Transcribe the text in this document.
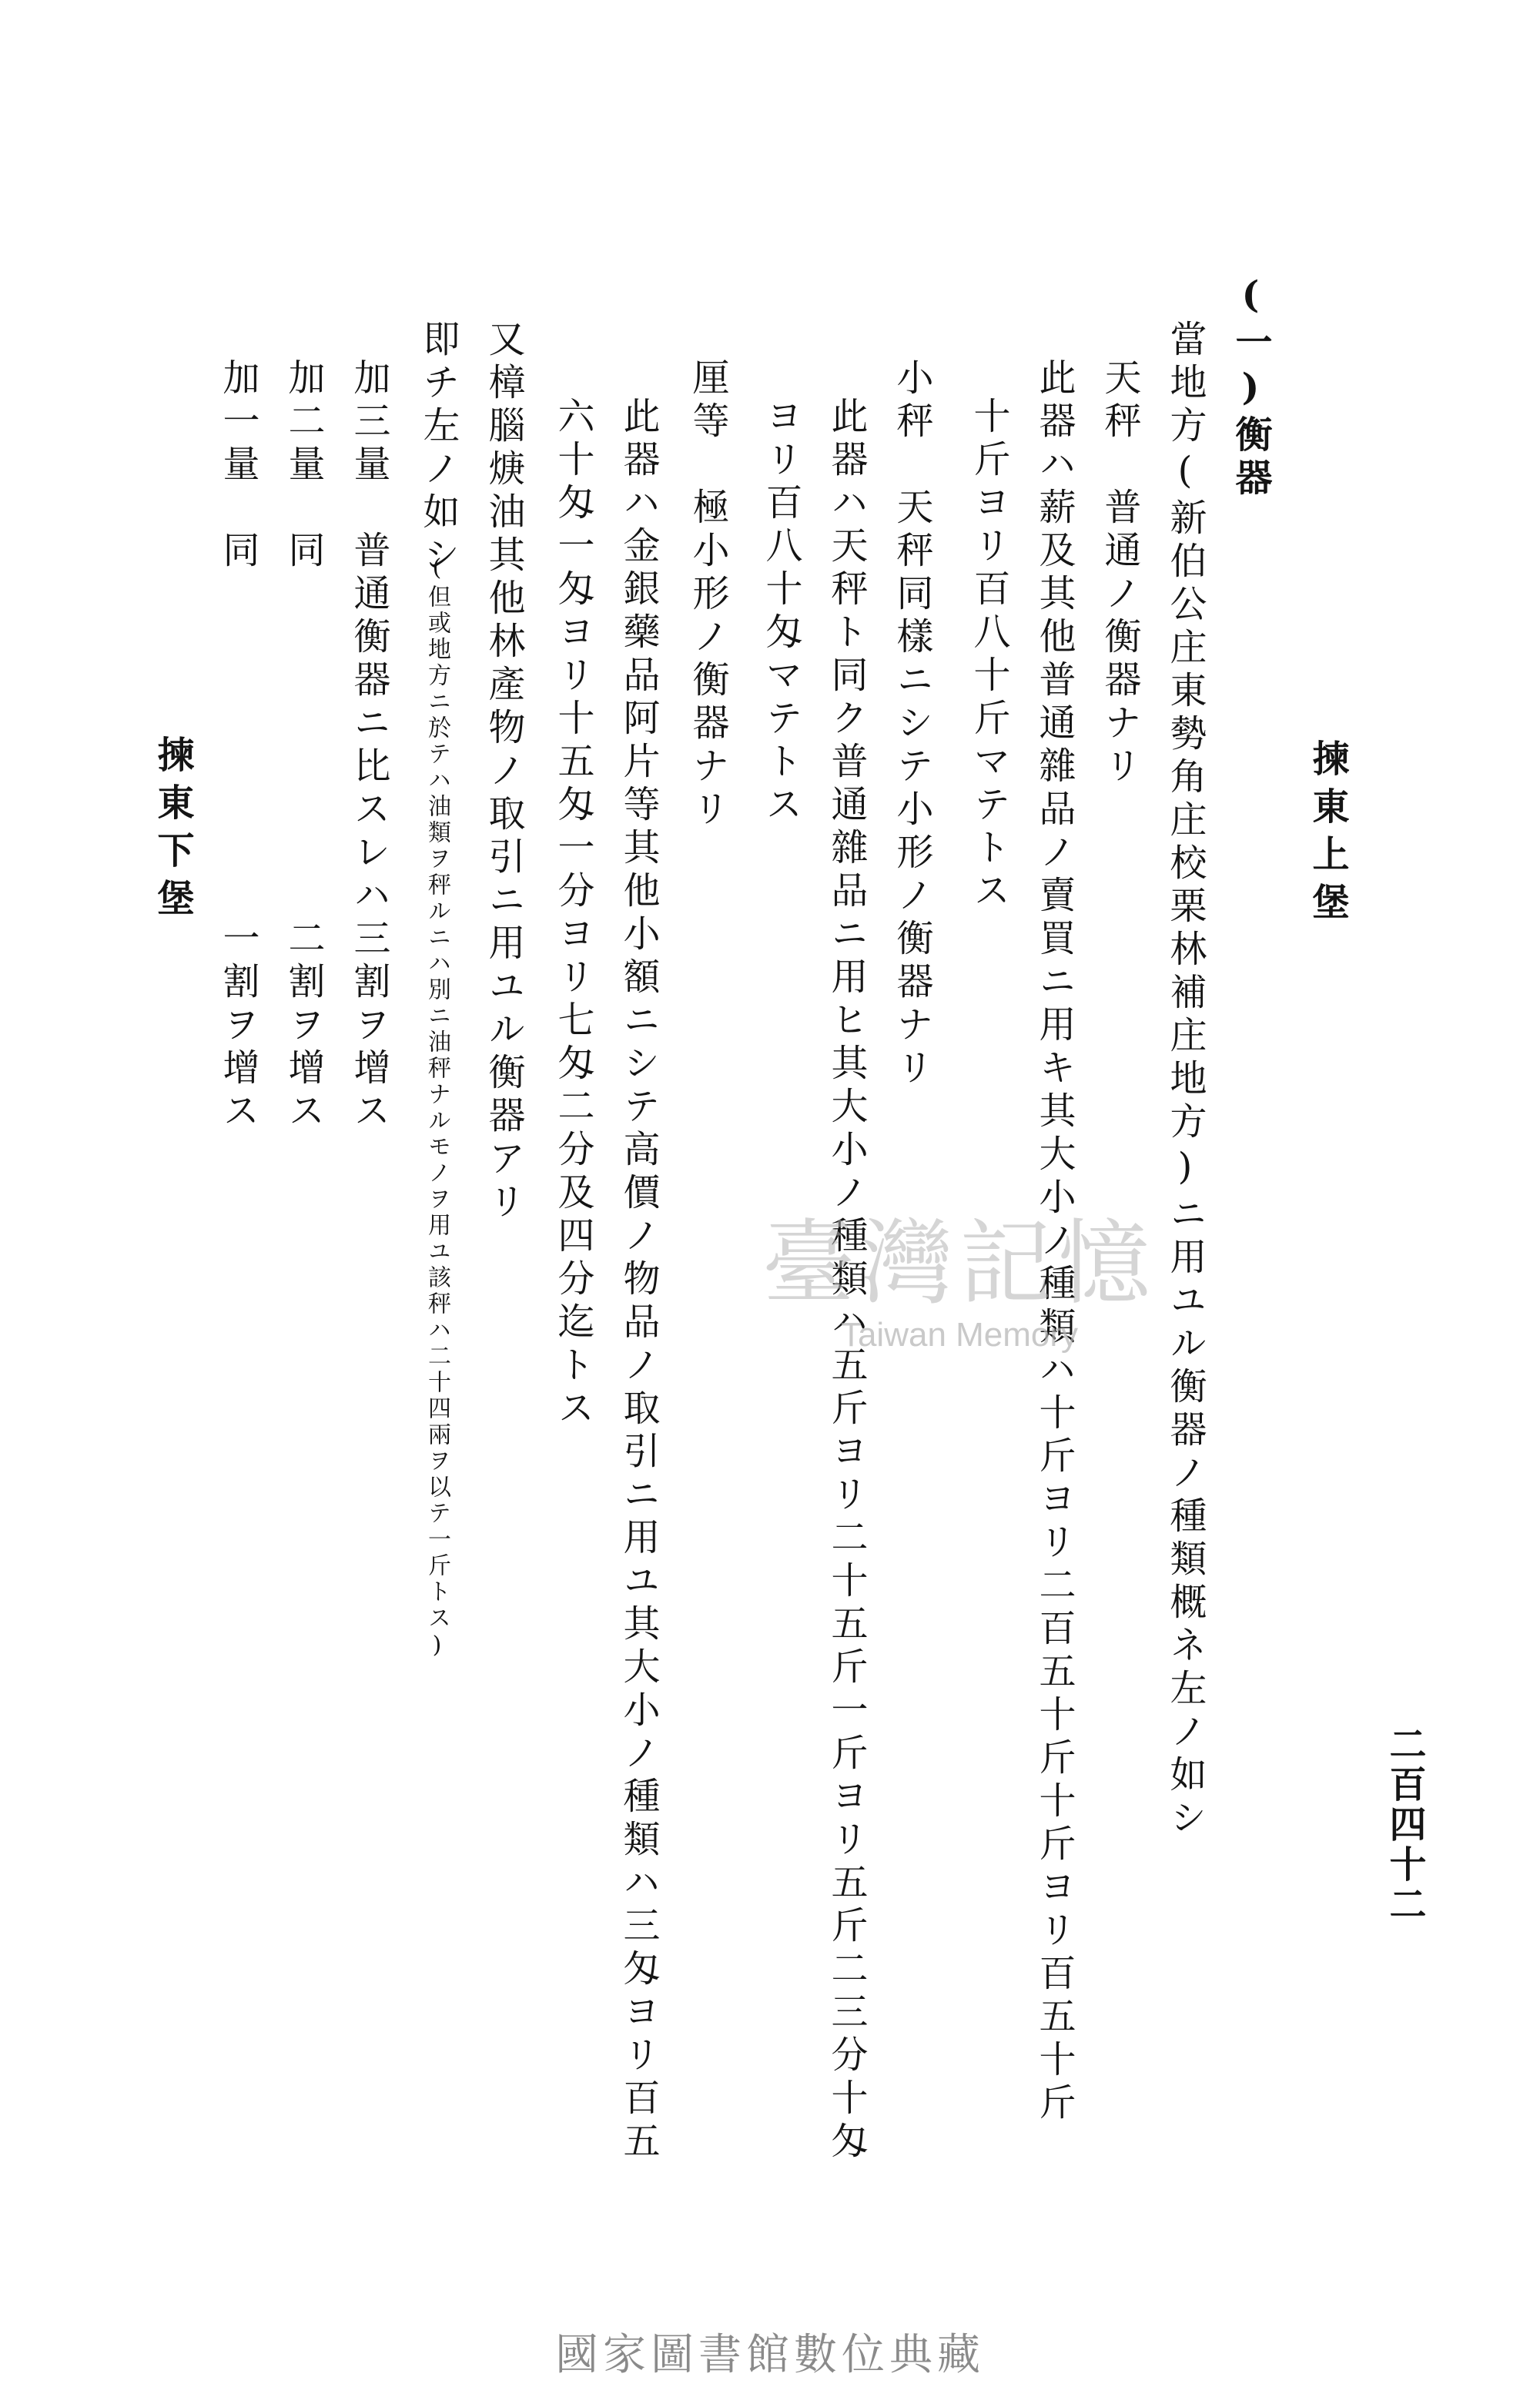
二百四十二
揀東上堡
(一)衡器
當地方(新伯公庄東勢角庄校栗林補庄地方)ニ用ユル衡器ノ種類概ネ左ノ如シ
天秤　普通ノ衡器ナリ
此器ハ薪及其他普通雜品ノ賣買ニ用キ其大小ノ種類ハ十斤ヨリ二百五十斤十斤ヨリ百五十斤
十斤ヨリ百八十斤マテトス
小秤　天秤同樣ニシテ小形ノ衡器ナリ
此器ハ天秤ト同ク普通雜品ニ用ヒ其大小ノ種類ハ五斤ヨリ二十五斤一斤ヨリ五斤二三分十匁
ヨリ百八十匁マテトス
厘等　極小形ノ衡器ナリ
此器ハ金銀藥品阿片等其他小額ニシテ高價ノ物品ノ取引ニ用ユ其大小ノ種類ハ三匁ヨリ百五
六十匁一匁ヨリ十五匁一分ヨリ七匁二分及四分迄トス
又樟腦焿油其他林產物ノ取引ニ用ユル衡器アリ
即チ左ノ如シ
(但或地方ニ於テハ油類ヲ秤ルニハ別ニ油秤ナルモノヲ用ユ該秤ハ二十四兩ヲ以テ一斤トス)
加三量　普通衡器ニ比スレハ三割ヲ增ス
加二量　同　　　　　　　　二割ヲ增ス
加一量　同　　　　　　　　一割ヲ增ス
揀東下堡
臺灣記憶
Taiwan Memory
國家圖書館數位典藏
